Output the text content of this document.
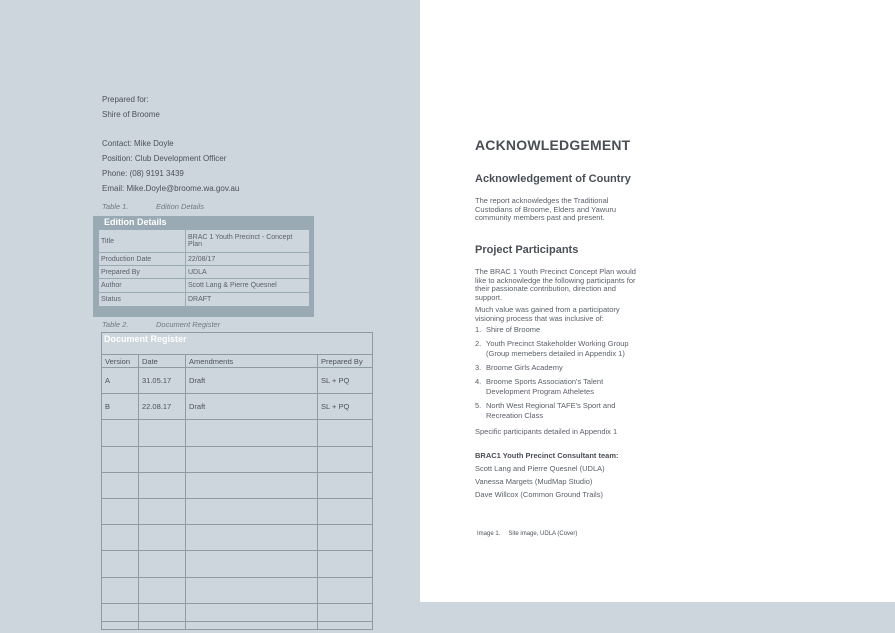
Prepared for:
Shire of Broome
Contact: Mike Doyle
Position: Club Development Officer
Phone: (08) 9191 3439
Email: Mike.Doyle@broome.wa.gov.au
Table 1.	Edition Details
Edition Details
Title	BRAC 1 Youth Precinct - Concept Plan
Production Date	22/08/17
Prepared By	UDLA
Author	Scott Lang & Pierre Quesnel
Status	DRAFT
Table 2.	Document Register
Document Register
Version	Date	Amendments	Prepared By
A	31.05.17	Draft	SL + PQ
B	22.08.17	Draft	SL + PQ

ACKNOWLEDGEMENT
Acknowledgement of Country
The report acknowledges the Traditional Custodians of Broome, Elders and Yawuru community members past and present.
Project Participants
The BRAC 1 Youth Precinct Concept Plan would like to acknowledge the following participants for their passionate contribution, direction and support.
Much value was gained from a participatory visioning process that was inclusive of:
1. Shire of Broome
2. Youth Precinct Stakeholder Working Group (Group memebers detailed in Appendix 1)
3. Broome Girls Academy
4. Broome Sports Association's Talent Development Program Atheletes
5. North West Regional TAFE's Sport and Recreation Class
Specific participants detailed in Appendix 1
BRAC1 Youth Precinct Consultant team:
Scott Lang and Pierre Quesnel (UDLA)
Vanessa Margets (MudMap Studio)
Dave Willcox (Common Ground Trails)
Image 1. Site image, UDLA (Cover)
